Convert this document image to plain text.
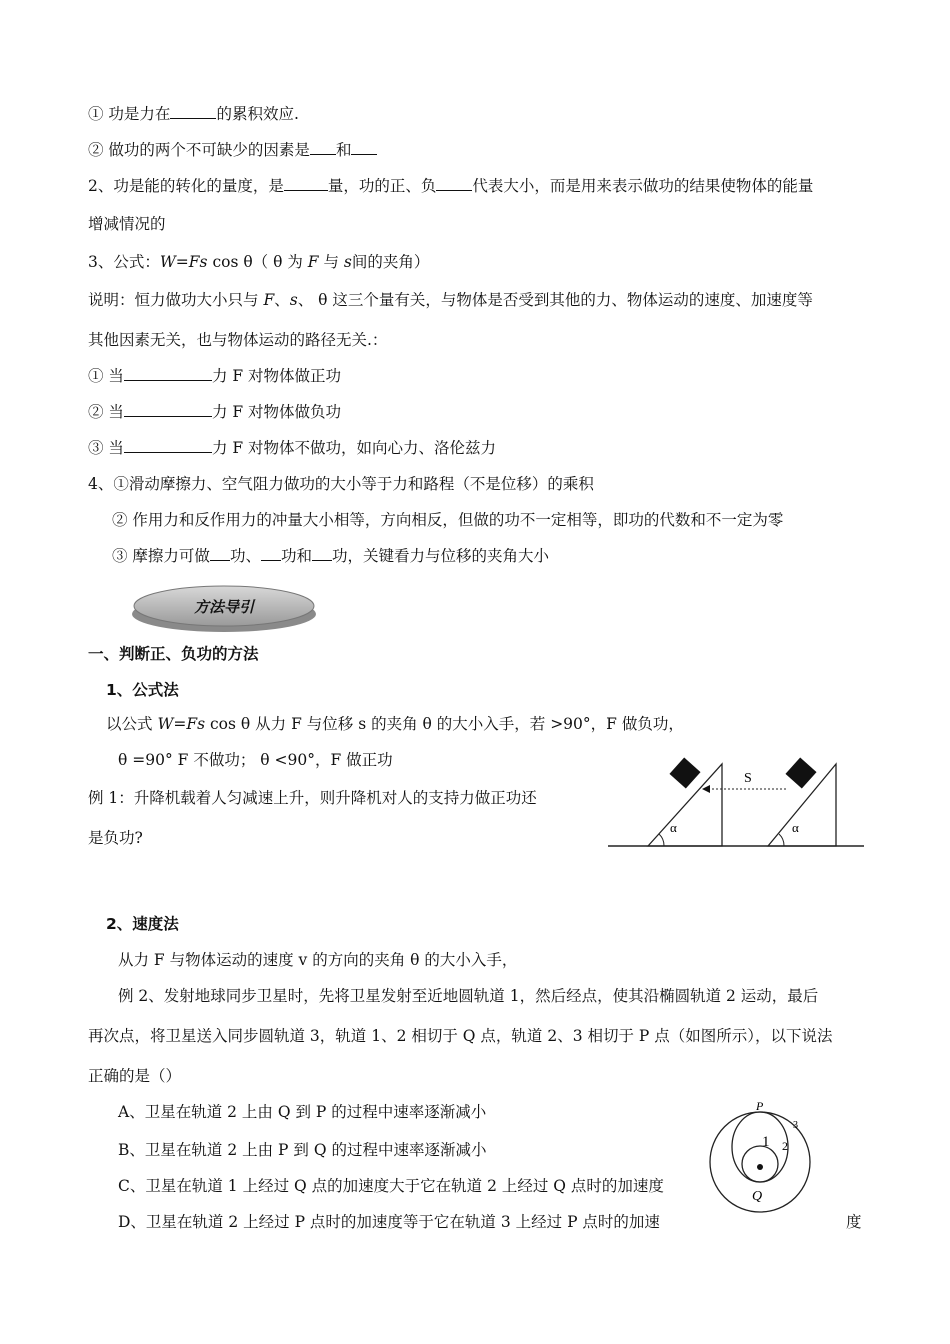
① 功是力在	的累积效应.
② 做功的两个不可缺少的因素是 和
2、功是能的转化的量度，是	量，功的正、负 代表大小，而是用来表示做功的结果使物体的能量
增减情况的
3、公式：W=Fs cos θ（ θ 为 F 与 s间的夹角）
说明：恒力做功大小只与 F、s、 θ 这三个量有关，与物体是否受到其他的力、物体运动的速度、加速度等
其他因素无关，也与物体运动的路径无关.：
① 当	力 F 对物体做正功
② 当	力 F 对物体做负功
③ 当	力 F 对物体不做功，如向心力、洛伦兹力
4、①滑动摩擦力、空气阻力做功的大小等于力和路程（不是位移）的乘积
② 作用力和反作用力的冲量大小相等，方向相反，但做的功不一定相等，即功的代数和不一定为零
③ 摩擦力可做 功、 功和 功，关键看力与位移的夹角大小
方法导引
一、判断正、负功的方法
1、公式法
以公式 W=Fs cos θ 从力 F 与位移 s 的夹角 θ 的大小入手，若 >90°，F 做负功，
θ =90° F 不做功； θ <90°，F 做正功
例 1：升降机载着人匀减速上升，则升降机对人的支持力做正功还
是负功?
α	α
S
2、速度法
从力 F 与物体运动的速度 v 的方向的夹角 θ 的大小入手，
例 2、发射地球同步卫星时，先将卫星发射至近地圆轨道 1，然后经点，使其沿椭圆轨道 2 运动，最后
再次点，将卫星送入同步圆轨道 3，轨道 1、2 相切于 Q 点，轨道 2、3 相切于 P 点（如图所示），以下说法
正确的是（）
A、卫星在轨道 2 上由 Q 到 P 的过程中速率逐渐减小
B、卫星在轨道 2 上由 P 到 Q 的过程中速率逐渐减小
C、卫星在轨道 1 上经过 Q 点的加速度大于它在轨道 2 上经过 Q 点时的加速度
D、卫星在轨道 2 上经过 P 点时的加速度等于它在轨道 3 上经过 P 点时的加速	度
P
Q
1 2
3
